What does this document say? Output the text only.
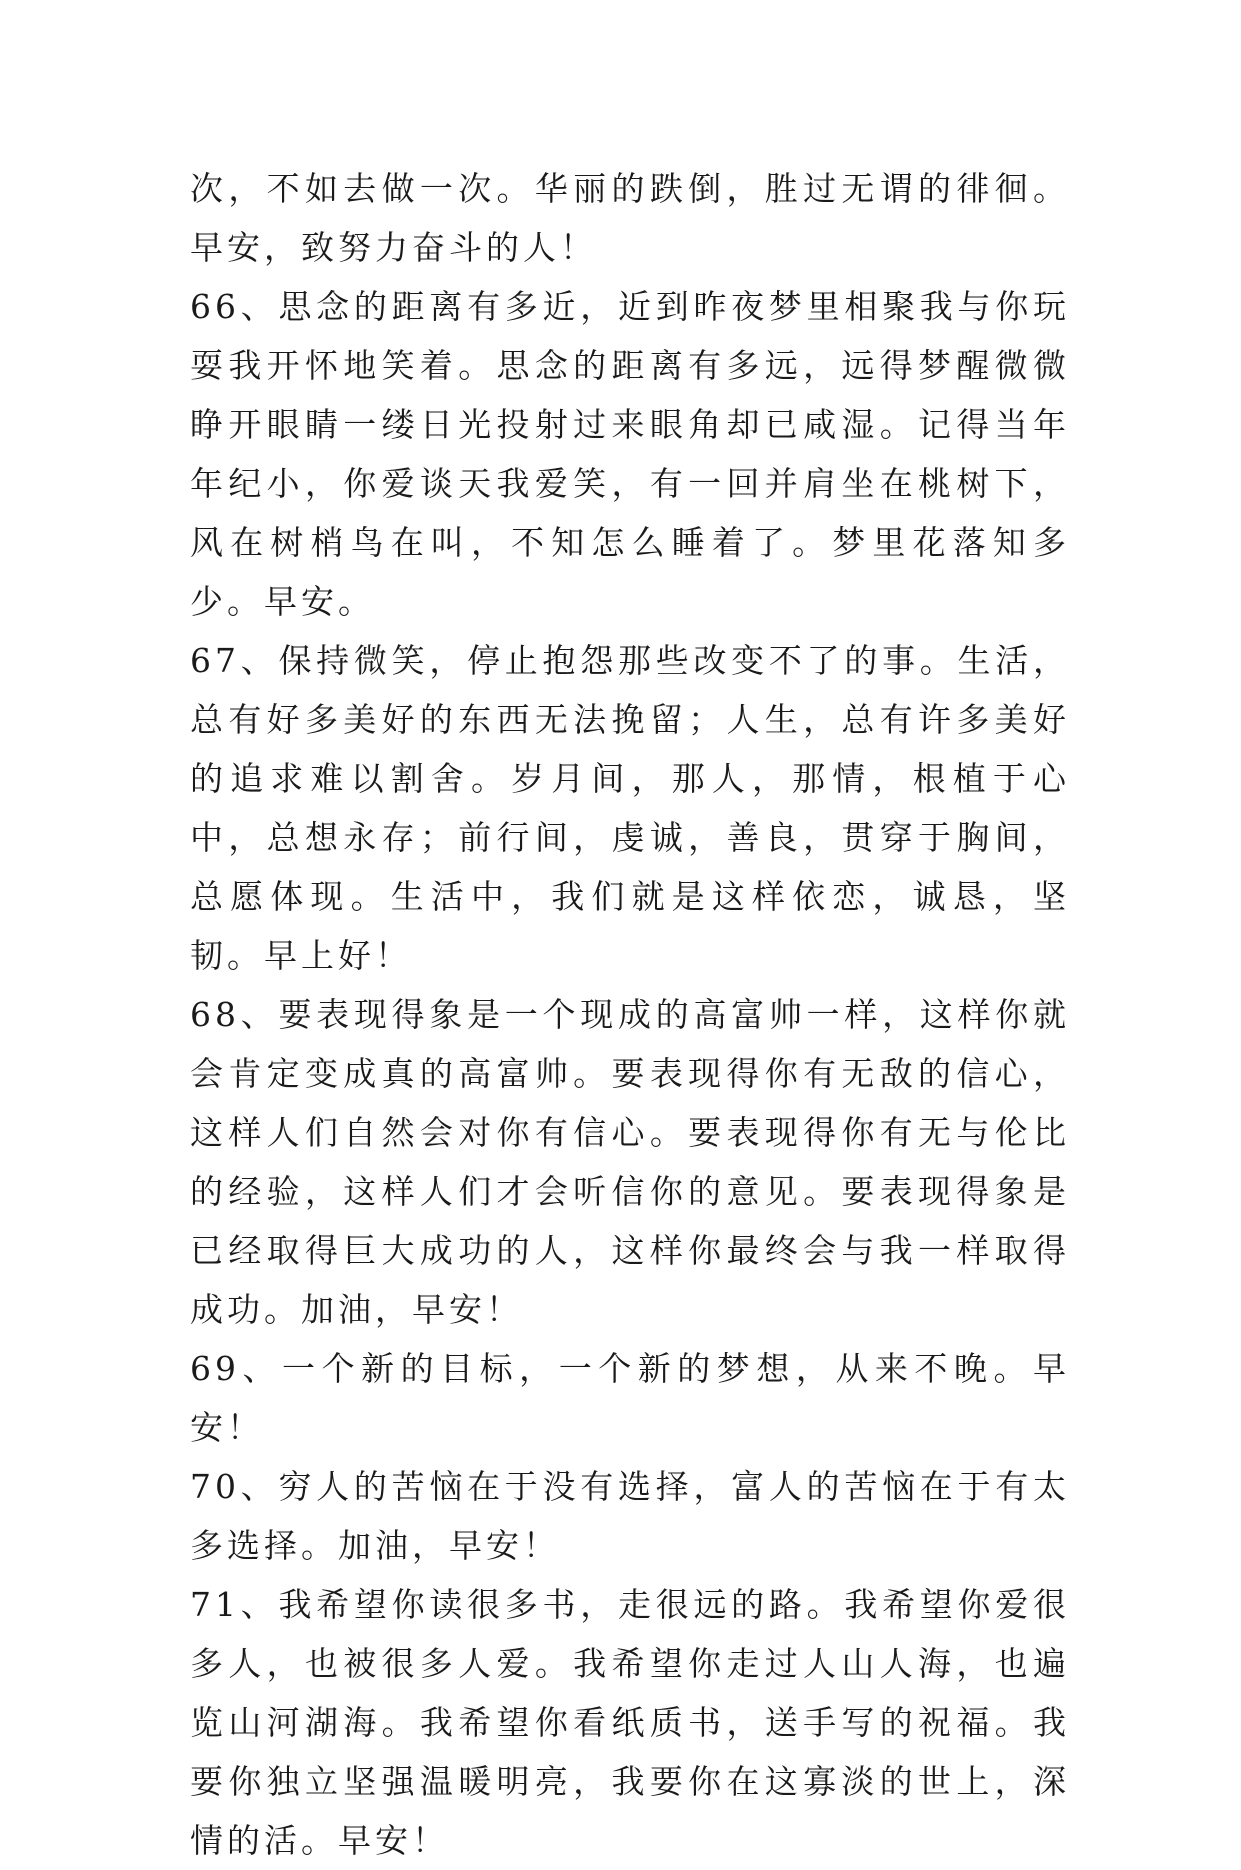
次，不如去做一次。华丽的跌倒，胜过无谓的徘徊。早安，致努力奋斗的人！

66、思念的距离有多近，近到昨夜梦里相聚我与你玩耍我开怀地笑着。思念的距离有多远，远得梦醒微微睁开眼睛一缕日光投射过来眼角却已咸湿。记得当年年纪小，你爱谈天我爱笑，有一回并肩坐在桃树下，风在树梢鸟在叫，不知怎么睡着了。梦里花落知多少。早安。

67、保持微笑，停止抱怨那些改变不了的事。生活，总有好多美好的东西无法挽留；人生，总有许多美好的追求难以割舍。岁月间，那人，那情，根植于心中，总想永存；前行间，虔诚，善良，贯穿于胸间，总愿体现。生活中，我们就是这样依恋，诚恳，坚韧。早上好！

68、要表现得象是一个现成的高富帅一样，这样你就会肯定变成真的高富帅。要表现得你有无敌的信心，这样人们自然会对你有信心。要表现得你有无与伦比的经验，这样人们才会听信你的意见。要表现得象是已经取得巨大成功的人，这样你最终会与我一样取得成功。加油，早安！

69、一个新的目标，一个新的梦想，从来不晚。早安！

70、穷人的苦恼在于没有选择，富人的苦恼在于有太多选择。加油，早安！

71、我希望你读很多书，走很远的路。我希望你爱很多人，也被很多人爱。我希望你走过人山人海，也遍览山河湖海。我希望你看纸质书，送手写的祝福。我要你独立坚强温暖明亮，我要你在这寡淡的世上，深情的活。早安！
